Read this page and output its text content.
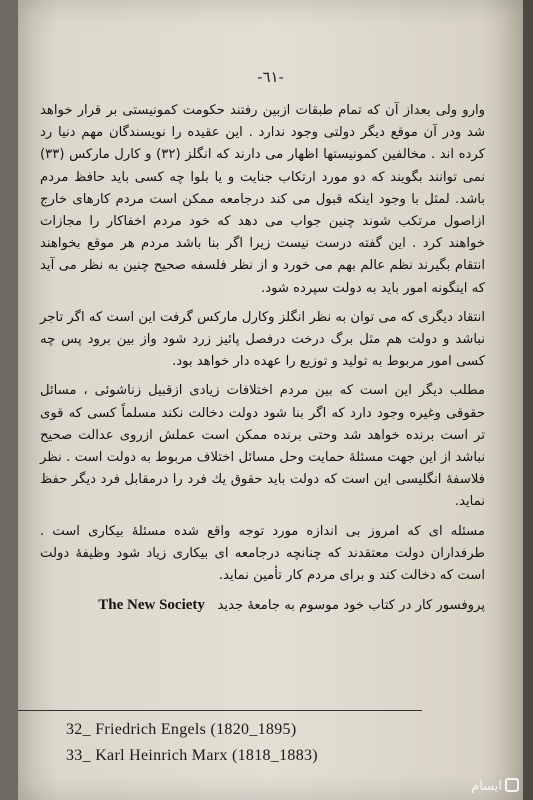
-٦١-

وارو ولی بعداز آن که تمام طبقات ازبین رفتند حکومت کمونیستی بر قرار خواهد شد ودر آن موقع دیگر دولتی وجود ندارد . این عقیده را نویسندگان مهم دنیا رد کرده اند . مخالفین کمونیستها اظهار می دارند که انگلز (٣٢) و کارل مارکس (٣٣) نمی توانند بگویند که دو مورد ارتکاب جنایت و یا بلوا چه کسی باید حافظ مردم باشد. لمثل با وجود اینکه قبول می کند درجامعه ممکن است مردم کارهای خارج ازاصول مرتکب شوند چنین جواب می دهد که خود مردم اخفاکار را مجازات خواهند کرد . این گفته درست نیست زیرا اگر بنا باشد مردم هر موقع بخواهند انتقام بگیرند نظم عالم بهم می خورد و از نظر فلسفه صحیح چنین به نظر می آید که اینگونه امور باید به دولت سپرده شود.

انتقاد دیگری که می توان به نظر انگلز وکارل مارکس گرفت این است که اگر تاجر نباشد و دولت هم مثل برگ درخت درفصل پائیز زرد شود واز بین برود پس چه کسی امور مربوط به تولید و توزیع را عهده دار خواهد بود.

مطلب دیگر این است که بین مردم اختلافات زیادی ازقبیل زناشوئی ، مسائل حقوقی وغیره وجود دارد که اگر بنا شود دولت دخالت نکند مسلماً کسی که قوی تر است برنده خواهد شد وحتی برنده ممکن است عملش ازروی عدالت صحیح نباشد از این جهت مسئلهٔ حمایت وحل مسائل اختلاف مربوط به دولت است . نظر فلاسفهٔ انگلیسی این است که دولت باید حقوق یك فرد را درمقابل فرد دیگر حفظ نماید.

مسئله ای که امروز بی اندازه مورد توجه واقع شده مسئلهٔ بیکاری است . طرفداران دولت معتقدند که چنانچه درجامعه ای بیکاری زیاد شود وظیفهٔ دولت است که دخالت کند و برای مردم کار تأمین نماید.

پروفسور کار در کتاب خود موسوم به جامعهٔ جدید   The New Society

32_ Friedrich Engels (1820_1895)
33_ Karl Heinrich Marx (1818_1883)
ایسام
